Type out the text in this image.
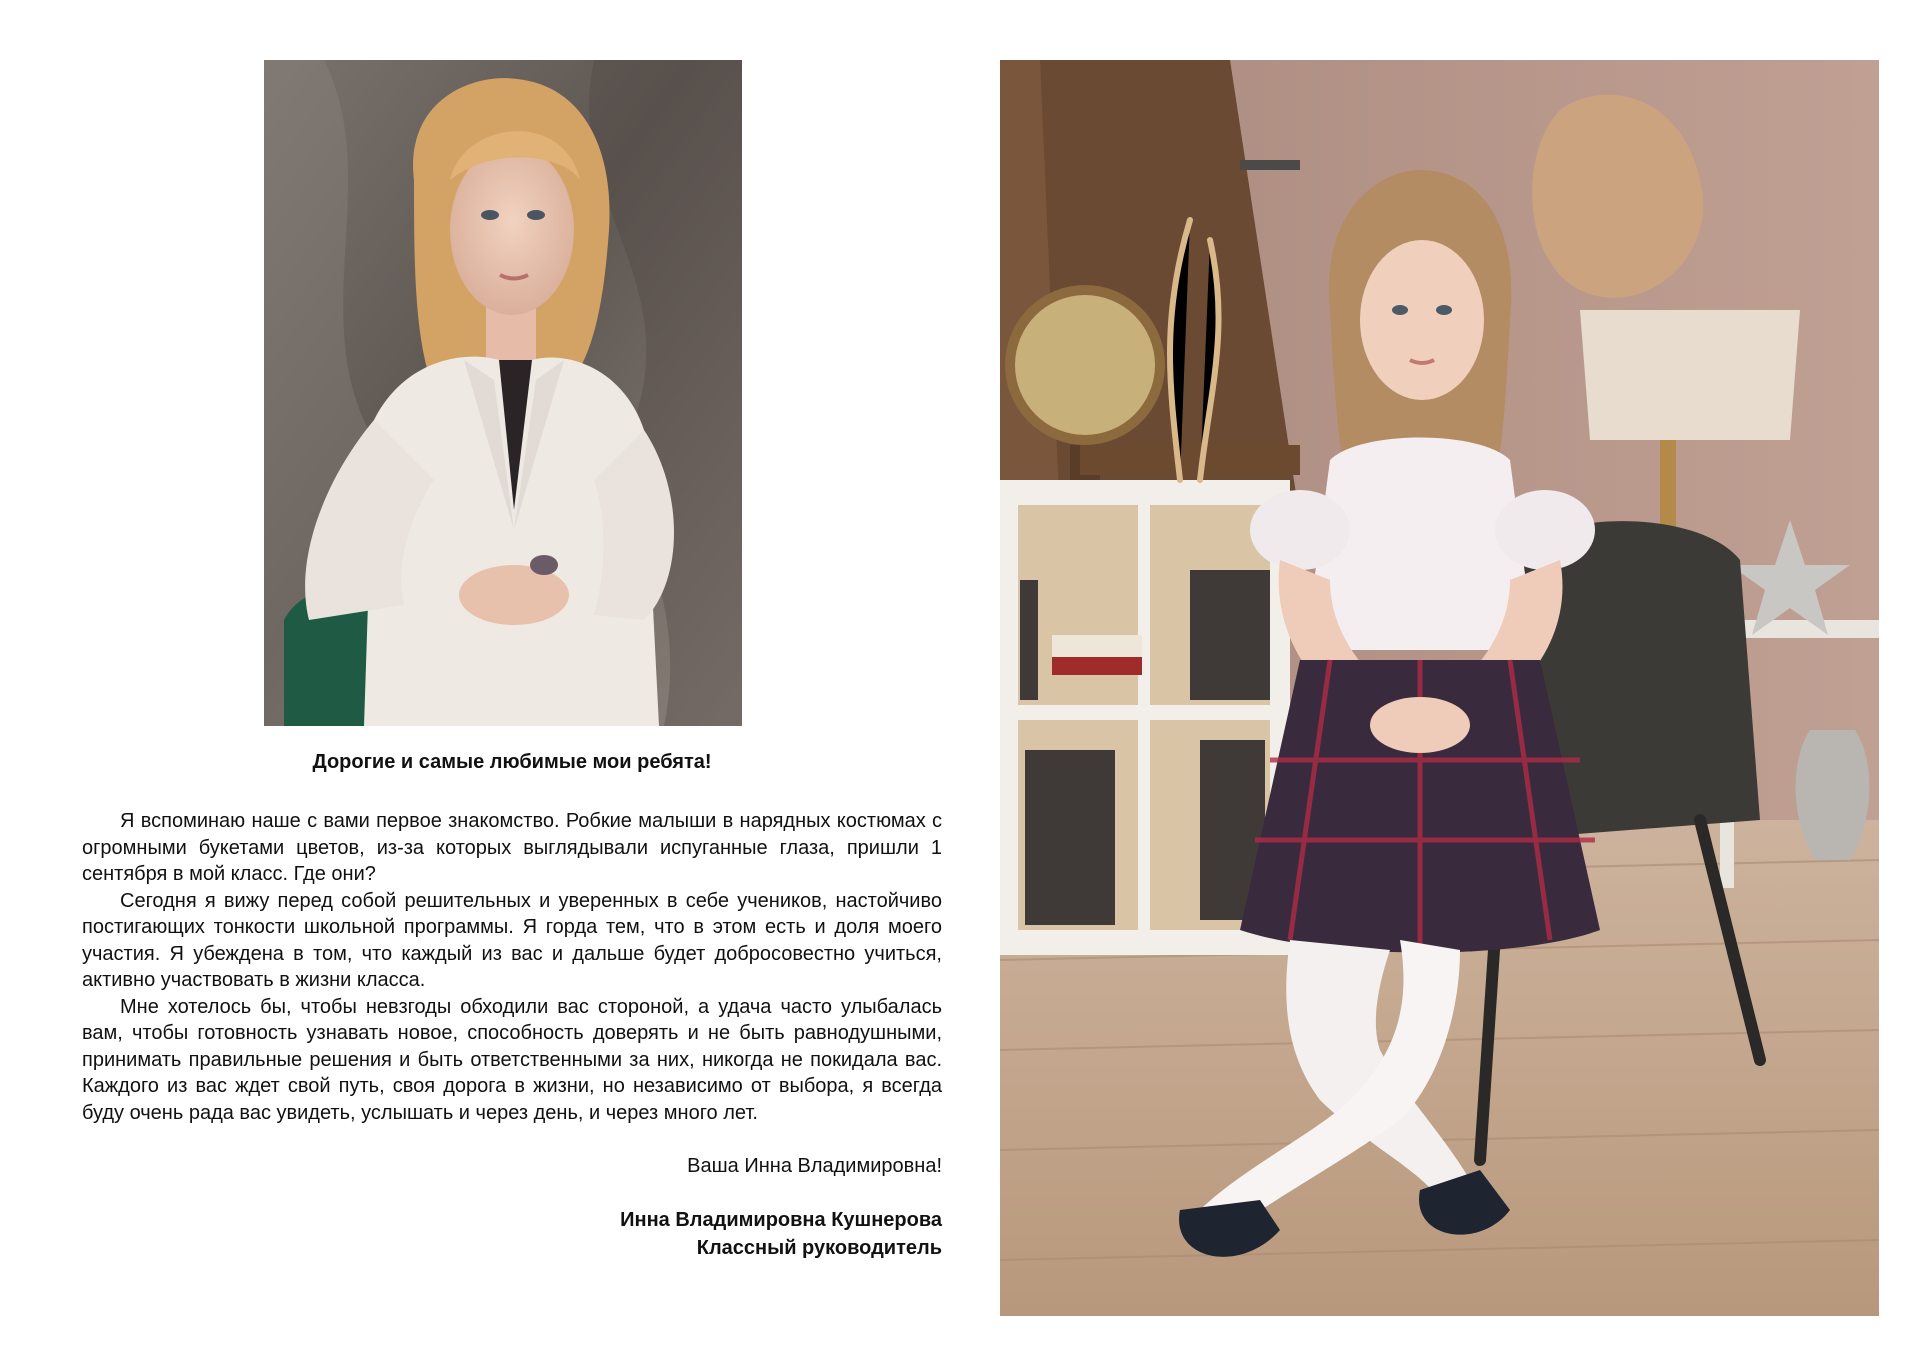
Дорогие и самые любимые мои ребята!

Я вспоминаю наше с вами первое знакомство. Робкие малыши в нарядных костюмах с огромными букетами цветов, из-за которых выглядывали испуганные глаза, пришли 1 сентября в мой класс. Где они?

Сегодня я вижу перед собой решительных и уверенных в себе учеников, настойчиво постигающих тонкости школьной программы. Я горда тем, что в этом есть и доля моего участия. Я убеждена в том, что каждый из вас и дальше будет добросовестно учиться, активно участвовать в жизни класса.

Мне хотелось бы, чтобы невзгоды обходили вас стороной, а удача часто улыбалась вам, чтобы готовность узнавать новое, способность доверять и не быть равнодушными, принимать правильные решения и быть ответственными за них, никогда не покидала вас. Каждого из вас ждет свой путь, своя дорога в жизни, но независимо от выбора, я всегда буду очень рада вас увидеть, услышать и через день, и через много лет.

Ваша Инна Владимировна!

Инна Владимировна Кушнерова

Классный руководитель
